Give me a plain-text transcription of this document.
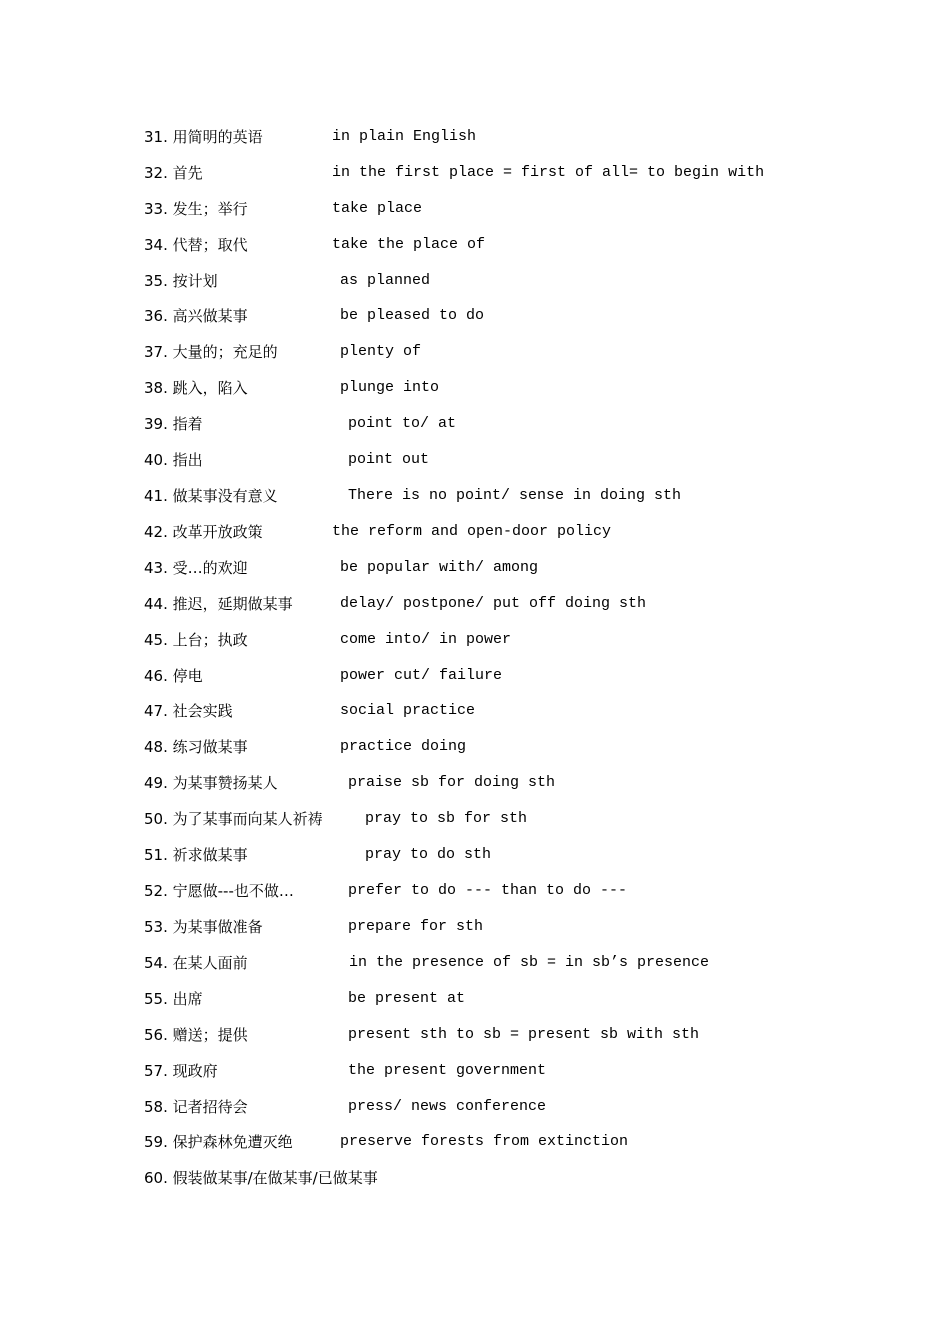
31. 用简明的英语	in plain English
32. 首先	in the first place = first of all= to begin with
33. 发生；举行	take place
34. 代替；取代	take the place of
35. 按计划	as planned
36. 高兴做某事	be pleased to do
37. 大量的；充足的	plenty of
38. 跳入，陷入	plunge into
39. 指着	point to/ at
40. 指出	point out
41. 做某事没有意义	There is no point/ sense in doing sth
42. 改革开放政策	the reform and open-door policy
43. 受…的欢迎	be popular with/ among
44. 推迟，延期做某事	delay/ postpone/ put off doing sth
45. 上台；执政	come into/ in power
46. 停电	power cut/ failure
47. 社会实践	social practice
48. 练习做某事	practice doing
49. 为某事赞扬某人	praise sb for doing sth
50. 为了某事而向某人祈祷	pray to sb for sth
51. 祈求做某事	pray to do sth
52. 宁愿做---也不做…	prefer to do --- than to do ---
53. 为某事做准备	prepare for sth
54. 在某人面前	in the presence of sb = in sb’s presence
55. 出席	be present at
56. 赠送；提供	present sth to sb = present sb with sth
57. 现政府	the present government
58. 记者招待会	press/ news conference
59. 保护森林免遭灭绝	preserve forests from extinction
60. 假装做某事/在做某事/已做某事
